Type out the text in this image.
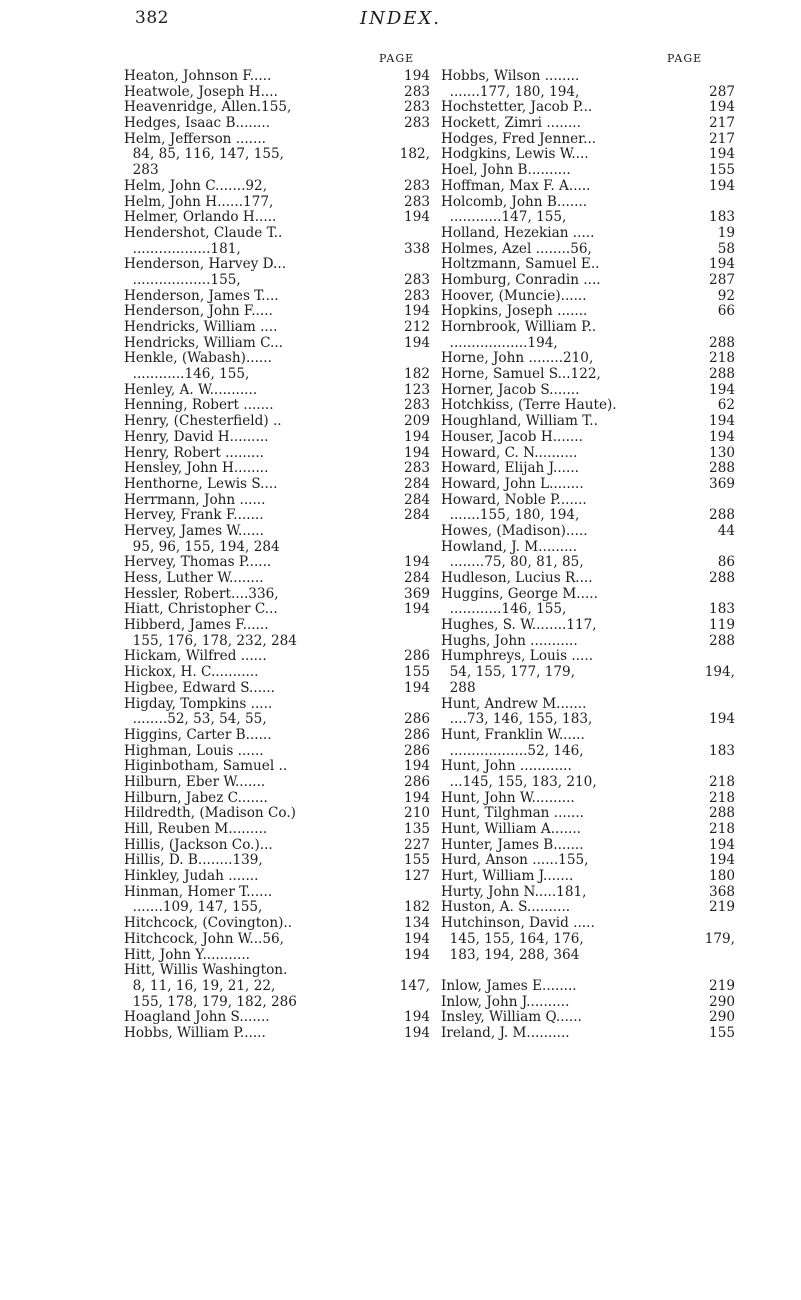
382	INDEX.
PAGE	PAGE
Heaton, Johnson F.....	194
Heatwole, Joseph H....	283
Heavenridge, Allen.155,	283
Hedges, Isaac B........	283
Helm, Jefferson .......
84, 85, 116, 147, 155,	182,
283
Helm, John C.......92,	283
Helm, John H......177,	283
Helmer, Orlando H.....	194
Hendershot, Claude T..
..................181,	338
Henderson, Harvey D...
..................155,	283
Henderson, James T....	283
Henderson, John F.....	194
Hendricks, William ....	212
Hendricks, William C...	194
Henkle, (Wabash)......
............146, 155,	182
Henley, A. W...........	123
Henning, Robert .......	283
Henry, (Chesterfield) ..	209
Henry, David H.........	194
Henry, Robert .........	194
Hensley, John H........	283
Henthorne, Lewis S....	284
Herrmann, John ......	284
Hervey, Frank F.......	284
Hervey, James W......
95, 96, 155, 194, 284
Hervey, Thomas P......	194
Hess, Luther W........	284
Hessler, Robert....336,	369
Hiatt, Christopher C...	194
Hibberd, James F......
155, 176, 178, 232, 284
Hickam, Wilfred ......	286
Hickox, H. C...........	155
Higbee, Edward S......	194
Higday, Tompkins .....
........52, 53, 54, 55,	286
Higgins, Carter B......	286
Highman, Louis ......	286
Higinbotham, Samuel ..	194
Hilburn, Eber W.......	286
Hilburn, Jabez C.......	194
Hildredth, (Madison Co.)	210
Hill, Reuben M.........	135
Hillis, (Jackson Co.)...	227
Hillis, D. B........139,	155
Hinkley, Judah .......	127
Hinman, Homer T......
.......109, 147, 155,	182
Hitchcock, (Covington)..	134
Hitchcock, John W...56,	194
Hitt, John Y...........	194
Hitt, Willis Washington.
8, 11, 16, 19, 21, 22,	147,
155, 178, 179, 182, 286
Hoagland John S.......	194
Hobbs, William P......	194
Hobbs, Wilson ........
.......177, 180, 194,	287
Hochstetter, Jacob P...	194
Hockett, Zimri ........	217
Hodges, Fred Jenner...	217
Hodgkins, Lewis W....	194
Hoel, John B..........	155
Hoffman, Max F. A.....	194
Holcomb, John B.......
............147, 155,	183
Holland, Hezekian .....	19
Holmes, Azel ........56,	58
Holtzmann, Samuel E..	194
Homburg, Conradin ....	287
Hoover, (Muncie)......	92
Hopkins, Joseph .......	66
Hornbrook, William P..
..................194,	288
Horne, John ........210,	218
Horne, Samuel S...122,	288
Horner, Jacob S.......	194
Hotchkiss, (Terre Haute).	62
Houghland, William T..	194
Houser, Jacob H.......	194
Howard, C. N..........	130
Howard, Elijah J......	288
Howard, John L........	369
Howard, Noble P.......
.......155, 180, 194,	288
Howes, (Madison).....	44
Howland, J. M.........
........75, 80, 81, 85,	86
Hudleson, Lucius R....	288
Huggins, George M.....
............146, 155,	183
Hughes, S. W........117,	119
Hughs, John ...........	288
Humphreys, Louis .....
54, 155, 177, 179,	194,
288
Hunt, Andrew M.......
....73, 146, 155, 183,	194
Hunt, Franklin W......
..................52, 146,	183
Hunt, John ............
...145, 155, 183, 210,	218
Hunt, John W..........	218
Hunt, Tilghman .......	288
Hunt, William A.......	218
Hunter, James B.......	194
Hurd, Anson ......155,	194
Hurt, William J.......	180
Hurty, John N.....181,	368
Huston, A. S..........	219
Hutchinson, David .....
145, 155, 164, 176,	179,
183, 194, 288, 364
Inlow, James E........	219
Inlow, John J..........	290
Insley, William Q......	290
Ireland, J. M..........	155
